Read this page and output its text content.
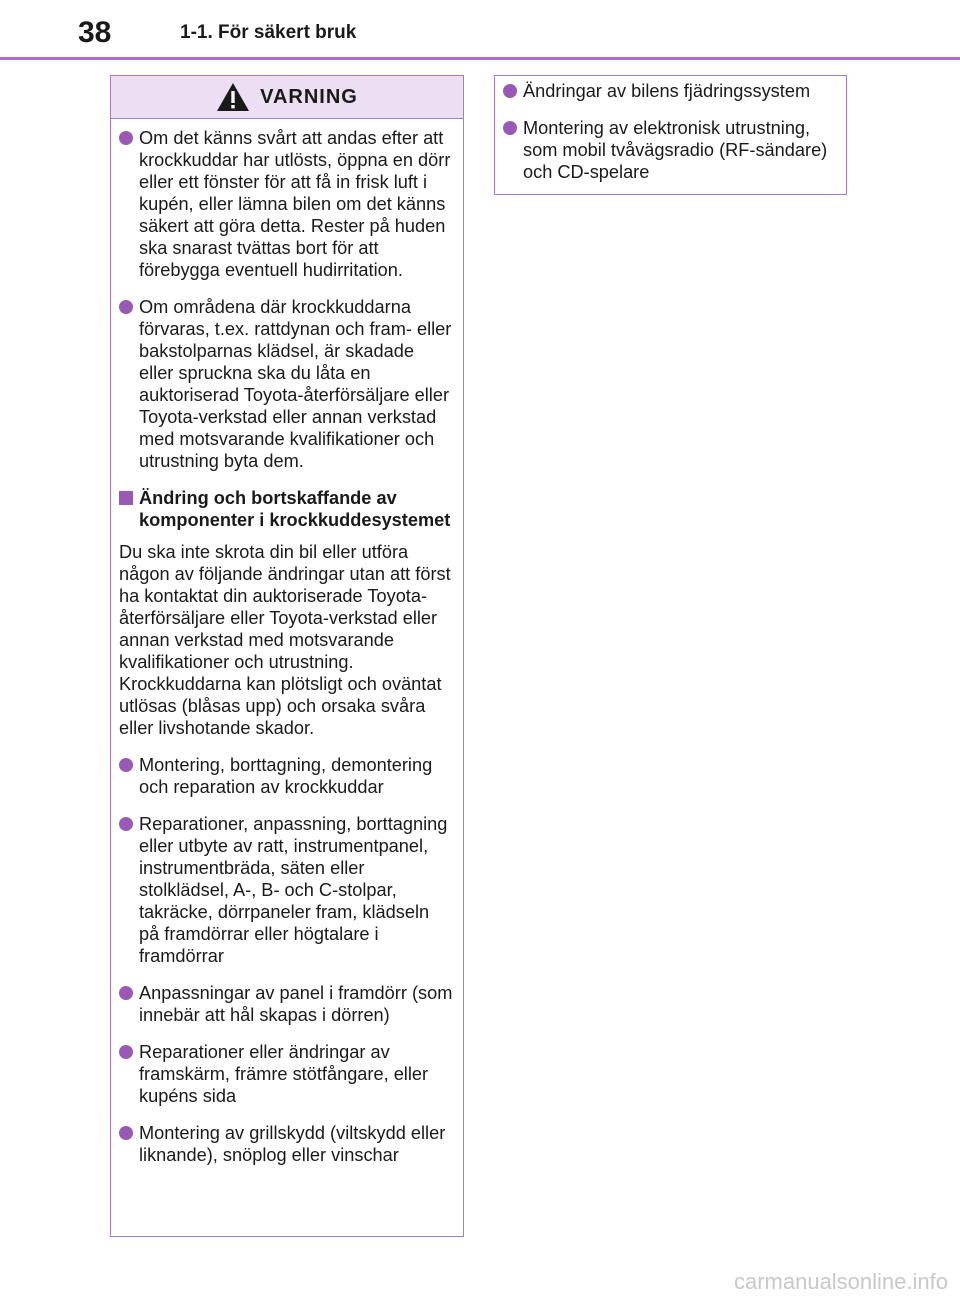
38	1-1. För säkert bruk
VARNING
Om det känns svårt att andas efter att krockkuddar har utlösts, öppna en dörr eller ett fönster för att få in frisk luft i kupén, eller lämna bilen om det känns säkert att göra detta. Rester på huden ska snarast tvättas bort för att förebygga eventuell hudirritation.
Om områdena där krockkuddarna förvaras, t.ex. rattdynan och fram- eller bakstolparnas klädsel, är skadade eller spruckna ska du låta en auktoriserad Toyota-återförsäljare eller Toyota-verkstad eller annan verkstad med motsvarande kvalifikationer och utrustning byta dem.
Ändring och bortskaffande av komponenter i krockkuddesystemet
Du ska inte skrota din bil eller utföra någon av följande ändringar utan att först ha kontaktat din auktoriserade Toyota-återförsäljare eller Toyota-verkstad eller annan verkstad med motsvarande kvalifikationer och utrustning. Krockkuddarna kan plötsligt och oväntat utlösas (blåsas upp) och orsaka svåra eller livshotande skador.
Montering, borttagning, demontering och reparation av krockkuddar
Reparationer, anpassning, borttagning eller utbyte av ratt, instrumentpanel, instrumentbräda, säten eller stolklädsel, A-, B- och C-stolpar, takräcke, dörrpaneler fram, klädseln på framdörrar eller högtalare i framdörrar
Anpassningar av panel i framdörr (som innebär att hål skapas i dörren)
Reparationer eller ändringar av framskärm, främre stötfångare, eller kupéns sida
Montering av grillskydd (viltskydd eller liknande), snöplog eller vinschar
Ändringar av bilens fjädringssystem
Montering av elektronisk utrustning, som mobil tvåvägsradio (RF-sändare) och CD-spelare
carmanualsonline.info
